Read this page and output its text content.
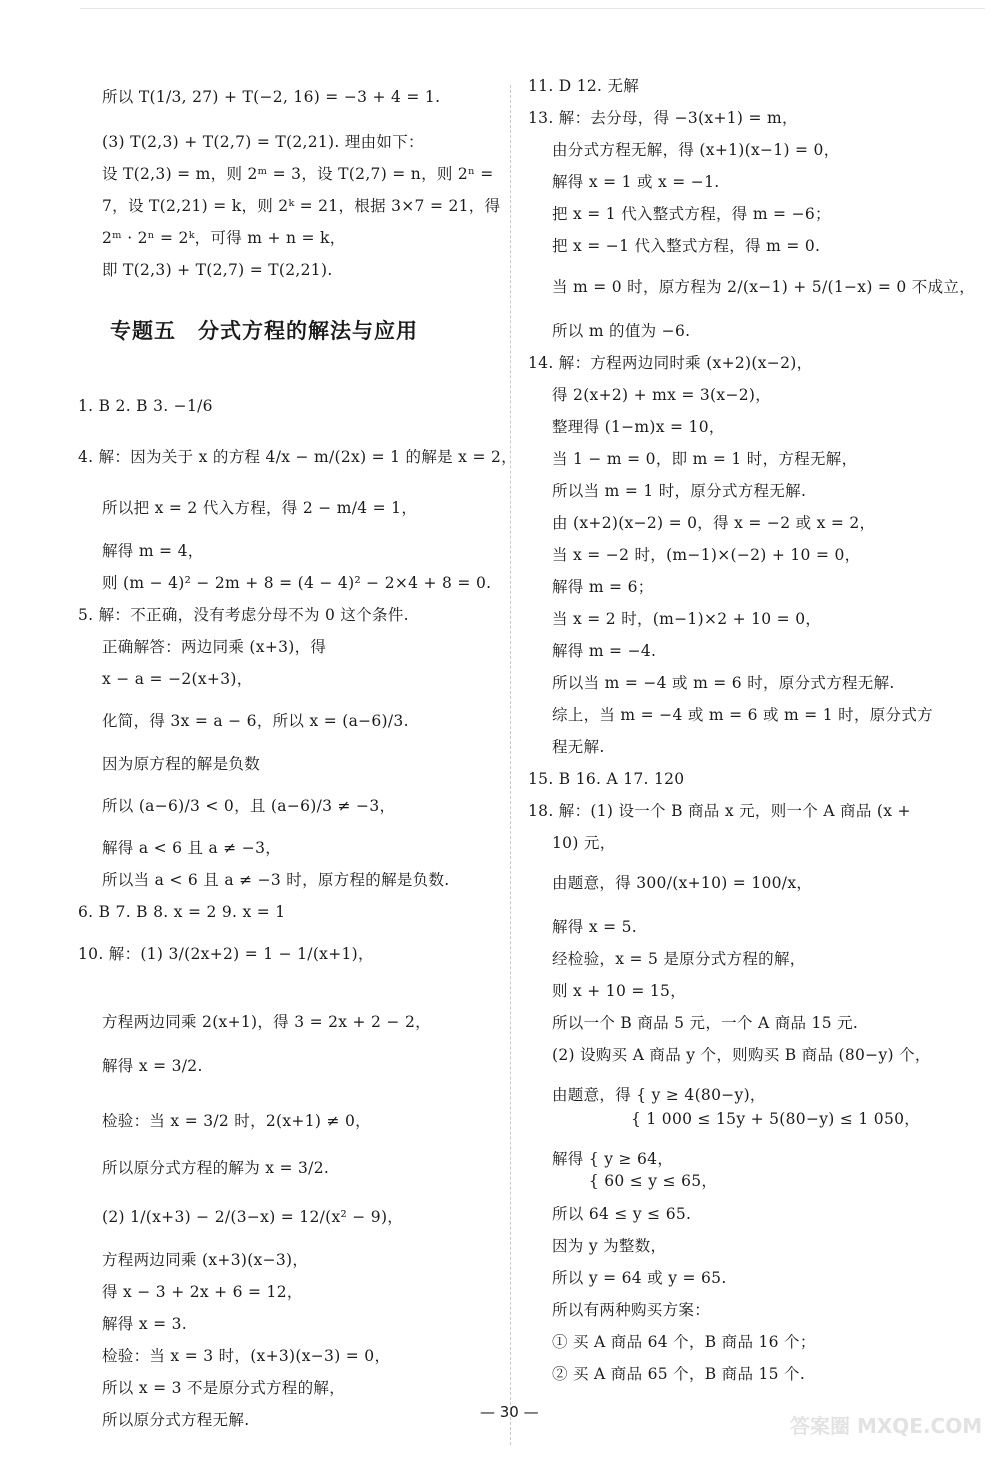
所以 T(1/3, 27) + T(−2, 16) = −3 + 4 = 1.
(3) T(2,3) + T(2,7) = T(2,21). 理由如下：
设 T(2,3) = m，则 2ᵐ = 3，设 T(2,7) = n，则 2ⁿ =
7，设 T(2,21) = k，则 2ᵏ = 21，根据 3×7 = 21，得
2ᵐ · 2ⁿ = 2ᵏ，可得 m + n = k，
即 T(2,3) + T(2,7) = T(2,21).
专题五　分式方程的解法与应用
1. B 2. B 3. −1/6
4. 解：因为关于 x 的方程 4/x − m/(2x) = 1 的解是 x = 2，
所以把 x = 2 代入方程，得 2 − m/4 = 1，
解得 m = 4，
则 (m − 4)² − 2m + 8 = (4 − 4)² − 2×4 + 8 = 0.
5. 解：不正确，没有考虑分母不为 0 这个条件.
正确解答：两边同乘 (x+3)，得
x − a = −2(x+3)，
化简，得 3x = a − 6，所以 x = (a−6)/3.
因为原方程的解是负数
所以 (a−6)/3 < 0，且 (a−6)/3 ≠ −3，
解得 a < 6 且 a ≠ −3，
所以当 a < 6 且 a ≠ −3 时，原方程的解是负数.
6. B 7. B 8. x = 2 9. x = 1
10. 解：(1) 3/(2x+2) = 1 − 1/(x+1)，
方程两边同乘 2(x+1)，得 3 = 2x + 2 − 2，
解得 x = 3/2.
检验：当 x = 3/2 时，2(x+1) ≠ 0，
所以原分式方程的解为 x = 3/2.
(2) 1/(x+3) − 2/(3−x) = 12/(x² − 9)，
方程两边同乘 (x+3)(x−3)，
得 x − 3 + 2x + 6 = 12，
解得 x = 3.
检验：当 x = 3 时，(x+3)(x−3) = 0，
所以 x = 3 不是原分式方程的解，
所以原分式方程无解.
11. D 12. 无解
13. 解：去分母，得 −3(x+1) = m，
由分式方程无解，得 (x+1)(x−1) = 0，
解得 x = 1 或 x = −1.
把 x = 1 代入整式方程，得 m = −6；
把 x = −1 代入整式方程，得 m = 0.
当 m = 0 时，原方程为 2/(x−1) + 5/(1−x) = 0 不成立，
所以 m 的值为 −6.
14. 解：方程两边同时乘 (x+2)(x−2)，
得 2(x+2) + mx = 3(x−2)，
整理得 (1−m)x = 10，
当 1 − m = 0，即 m = 1 时，方程无解，
所以当 m = 1 时，原分式方程无解.
由 (x+2)(x−2) = 0，得 x = −2 或 x = 2，
当 x = −2 时，(m−1)×(−2) + 10 = 0，
解得 m = 6；
当 x = 2 时，(m−1)×2 + 10 = 0，
解得 m = −4.
所以当 m = −4 或 m = 6 时，原分式方程无解.
综上，当 m = −4 或 m = 6 或 m = 1 时，原分式方
程无解.
15. B 16. A 17. 120
18. 解：(1) 设一个 B 商品 x 元，则一个 A 商品 (x +
10) 元，
由题意，得 300/(x+10) = 100/x，
解得 x = 5.
经检验，x = 5 是原分式方程的解，
则 x + 10 = 15，
所以一个 B 商品 5 元，一个 A 商品 15 元.
(2) 设购买 A 商品 y 个，则购买 B 商品 (80−y) 个，
由题意，得 { y ≥ 4(80−y)，
　　　　　{ 1 000 ≤ 15y + 5(80−y) ≤ 1 050，
解得 { y ≥ 64，
　　 { 60 ≤ y ≤ 65，
所以 64 ≤ y ≤ 65.
因为 y 为整数，
所以 y = 64 或 y = 65.
所以有两种购买方案：
① 买 A 商品 64 个，B 商品 16 个；
② 买 A 商品 65 个，B 商品 15 个.
— 30 —
答案圈 MXQE.COM
